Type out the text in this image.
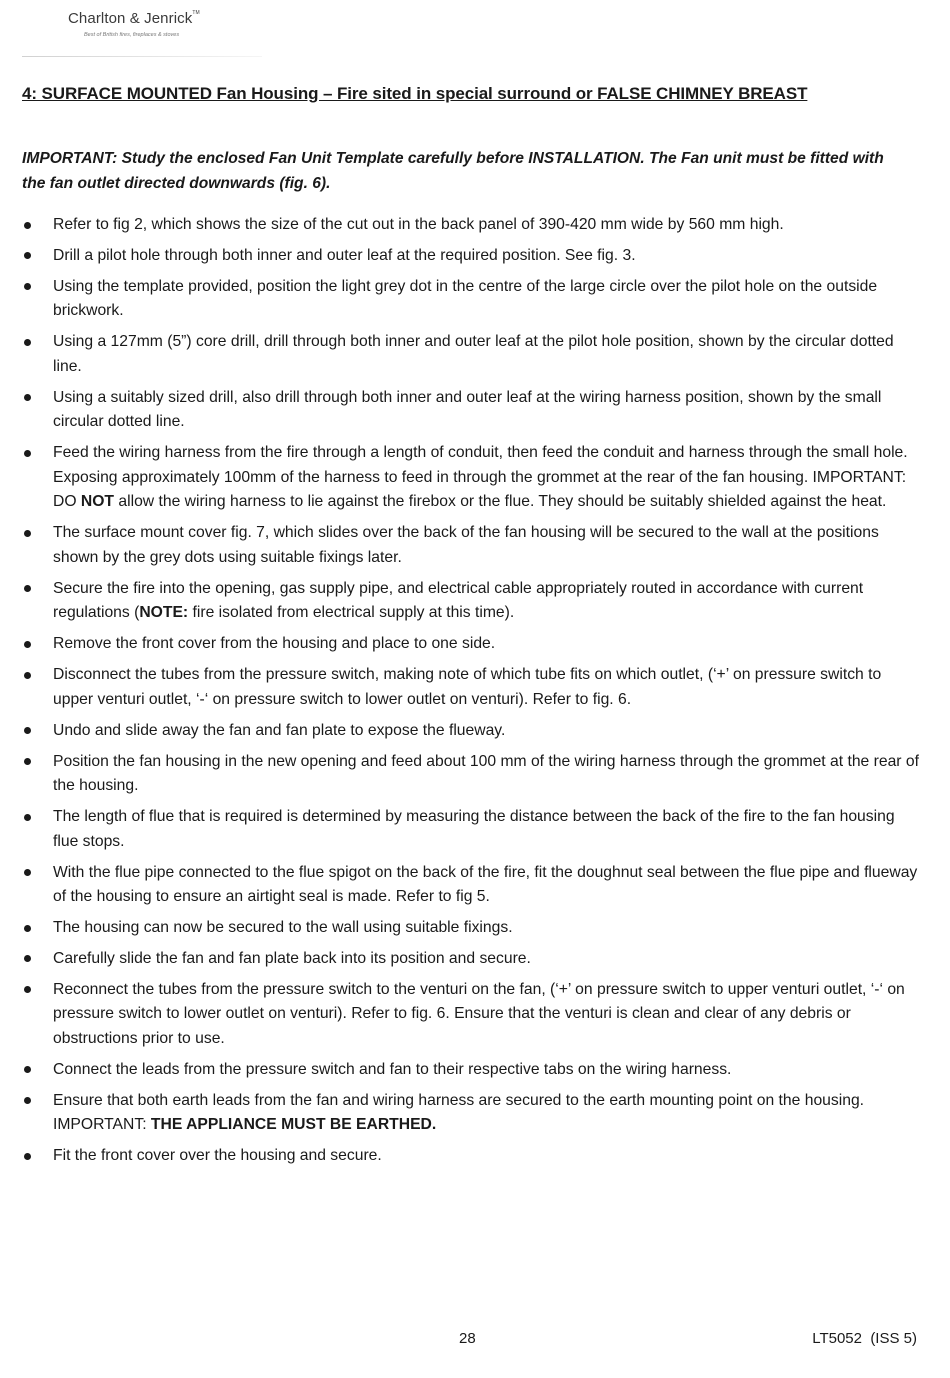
Charlton & Jenrick™
Best of British fires, fireplaces & stoves
4: SURFACE MOUNTED Fan Housing – Fire sited in special surround or FALSE CHIMNEY BREAST
IMPORTANT: Study the enclosed Fan Unit Template carefully before INSTALLATION. The Fan unit must be fitted with the fan outlet directed downwards (fig. 6).
Refer to fig 2, which shows the size of the cut out in the back panel of 390-420 mm wide by 560 mm high.
Drill a pilot hole through both inner and outer leaf at the required position. See fig. 3.
Using the template provided, position the light grey dot in the centre of the large circle over the pilot hole on the outside brickwork.
Using a 127mm (5”) core drill, drill through both inner and outer leaf at the pilot hole position, shown by the circular dotted line.
Using a suitably sized drill, also drill through both inner and outer leaf at the wiring harness position, shown by the small circular dotted line.
Feed the wiring harness from the fire through a length of conduit, then feed the conduit and harness through the small hole. Exposing approximately 100mm of the harness to feed in through the grommet at the rear of the fan housing. IMPORTANT: DO NOT allow the wiring harness to lie against the firebox or the flue. They should be suitably shielded against the heat.
The surface mount cover fig. 7, which slides over the back of the fan housing will be secured to the wall at the positions shown by the grey dots using suitable fixings later.
Secure the fire into the opening, gas supply pipe, and electrical cable appropriately routed in accordance with current regulations (NOTE: fire isolated from electrical supply at this time).
Remove the front cover from the housing and place to one side.
Disconnect the tubes from the pressure switch, making note of which tube fits on which outlet, (‘+’ on pressure switch to upper venturi outlet, ‘-‘ on pressure switch to lower outlet on venturi). Refer to fig. 6.
Undo and slide away the fan and fan plate to expose the flueway.
Position the fan housing in the new opening and feed about 100 mm of the wiring harness through the grommet at the rear of the housing.
The length of flue that is required is determined by measuring the distance between the back of the fire to the fan housing flue stops.
With the flue pipe connected to the flue spigot on the back of the fire, fit the doughnut seal between the flue pipe and flueway of the housing to ensure an airtight seal is made. Refer to fig 5.
The housing can now be secured to the wall using suitable fixings.
Carefully slide the fan and fan plate back into its position and secure.
Reconnect the tubes from the pressure switch to the venturi on the fan, (‘+’ on pressure switch to upper venturi outlet, ‘-‘ on pressure switch to lower outlet on venturi). Refer to fig. 6. Ensure that the venturi is clean and clear of any debris or obstructions prior to use.
Connect the leads from the pressure switch and fan to their respective tabs on the wiring harness.
Ensure that both earth leads from the fan and wiring harness are secured to the earth mounting point on the housing. IMPORTANT: THE APPLIANCE MUST BE EARTHED.
Fit the front cover over the housing and secure.
28	LT5052  (ISS 5)
